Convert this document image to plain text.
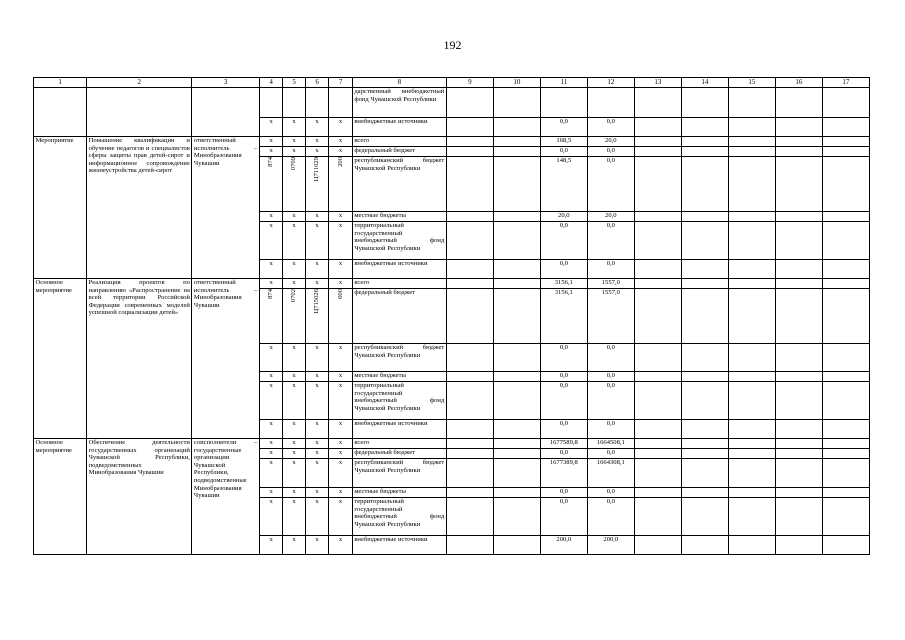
192
1	2	3	4	5	6	7	8	9	10	11	12	13	14	15	16	17
							дарственный внебюджетный фонд Чувашской Республики									
			x	x	x	x	внебюджетные источники			0,0	0,0					
Мероприятие	Повышение квалификации и обучение педагогов и специалистов сферы защиты прав детей-сирот и информационное сопровождение жизнеустройства детей-сирот	ответственный исполнитель – Минобразования Чувашии	x	x	x	x	всего			168,5	20,0					
			x	x	x	x	федеральный бюджет			0,0	0,0					
			874	0709	Ц711029	200	республиканский бюджет Чувашской Республики			148,5	0,0					
			x	x	x	x	местные бюджеты			20,0	20,0					
			x	x	x	x	территориальный государственный внебюджетный фонд Чувашской Республики			0,0	0,0					
			x	x	x	x	внебюджетные источники			0,0	0,0					
Основное мероприятие	Реализация проектов по направлению «Распространение на всей территории Российской Федерации современных моделей успешной социализации детей»	ответственный исполнитель – Минобразования Чувашии	x	x	x	x	всего			3156,1	1557,0					
			874	0702	Ц715026	600	федеральный бюджет			3156,1	1557,0					
			x	x	x	x	республиканский бюджет Чувашской Республики			0,0	0,0					
			x	x	x	x	местные бюджеты			0,0	0,0					
			x	x	x	x	территориальный государственный внебюджетный фонд Чувашской Республики			0,0	0,0					
			x	x	x	x	внебюджетные источники			0,0	0,0					
Основное мероприятие	Обеспечение деятельности государственных организаций Чувашской Республики, подведомственных Минобразования Чувашии	соисполнители – государственные организации Чувашской Республики, подведомственные Минобразования Чувашии	x	x	x	x	всего			1677589,8	1664508,1					
			x	x	x	x	федеральный бюджет			0,0	0,0					
			x	x	x	x	республиканский бюджет Чувашской Республики			1677389,8	1664308,1					
			x	x	x	x	местные бюджеты			0,0	0,0					
			x	x	x	x	территориальный государственный внебюджетный фонд Чувашской Республики			0,0	0,0					
			x	x	x	x	внебюджетные источники			200,0	200,0					
